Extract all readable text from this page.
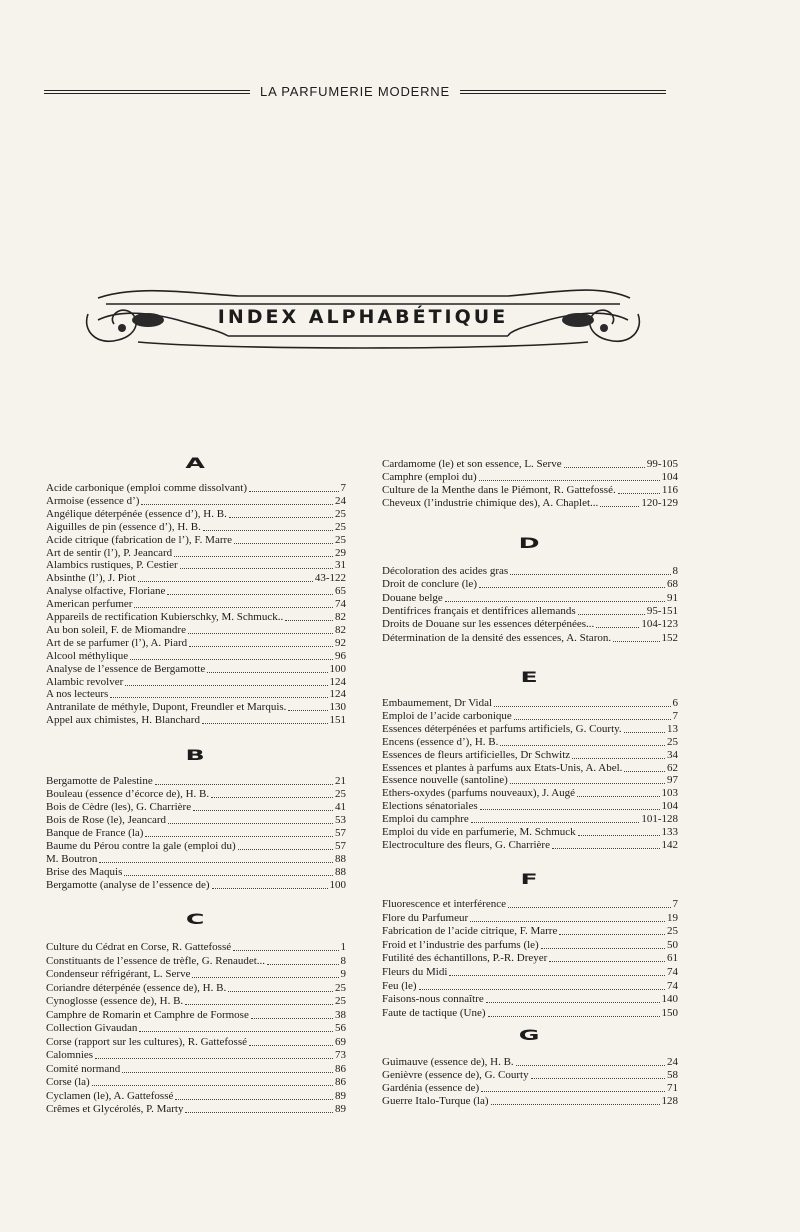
LA PARFUMERIE MODERNE
INDEX ALPHABÉTIQUE
A
Acide carbonique (emploi comme dissolvant)	7
Armoise (essence d’)	24
Angélique déterpénée (essence d’), H. B.	25
Aiguilles de pin (essence d’), H. B.	25
Acide citrique (fabrication de l’), F. Marre	25
Art de sentir (l’), P. Jeancard	29
Alambics rustiques, P. Cestier	31
Absinthe (l’), J. Piot	43-122
Analyse olfactive, Floriane	65
American perfumer	74
Appareils de rectification Kubierschky, M. Schmuck..	82
Au bon soleil, F. de Miomandre	82
Art de se parfumer (l’), A. Piard	92
Alcool méthylique	96
Analyse de l’essence de Bergamotte	100
Alambic revolver	124
A nos lecteurs	124
Antranilate de méthyle, Dupont, Freundler et Marquis.	130
Appel aux chimistes, H. Blanchard	151
B
Bergamotte de Palestine	21
Bouleau (essence d’écorce de), H. B.	25
Bois de Cèdre (les), G. Charrière	41
Bois de Rose (le), Jeancard	53
Banque de France (la)	57
Baume du Pérou contre la gale (emploi du)	57
M. Boutron	88
Brise des Maquis	88
Bergamotte (analyse de l’essence de)	100
C
Culture du Cédrat en Corse, R. Gattefossé	1
Constituants de l’essence de trèfle, G. Renaudet...	8
Condenseur réfrigérant, L. Serve	9
Coriandre déterpénée (essence de), H. B.	25
Cynoglosse (essence de), H. B.	25
Camphre de Romarin et Camphre de Formose	38
Collection Givaudan	56
Corse (rapport sur les cultures), R. Gattefossé	69
Calomnies	73
Comité normand	86
Corse (la)	86
Cyclamen (le), A. Gattefossé	89
Crêmes et Glycérolés, P. Marty	89
Cardamome (le) et son essence, L. Serve	99-105
Camphre (emploi du)	104
Culture de la Menthe dans le Piémont, R. Gattefossé.	116
Cheveux (l’industrie chimique des), A. Chaplet...	120-129
D
Décoloration des acides gras	8
Droit de conclure (le)	68
Douane belge	91
Dentifrices français et dentifrices allemands	95-151
Droits de Douane sur les essences déterpénées...	104-123
Détermination de la densité des essences, A. Staron.	152
E
Embaumement, Dr Vidal	6
Emploi de l’acide carbonique	7
Essences déterpénées et parfums artificiels, G. Courty.	13
Encens (essence d’), H. B.	25
Essences de fleurs artificielles, Dr Schwitz	34
Essences et plantes à parfums aux Etats-Unis, A. Abel.	62
Essence nouvelle (santoline)	97
Ethers-oxydes (parfums nouveaux), J. Augé	103
Elections sénatoriales	104
Emploi du camphre	101-128
Emploi du vide en parfumerie, M. Schmuck	133
Electroculture des fleurs, G. Charrière	142
F
Fluorescence et interférence	7
Flore du Parfumeur	19
Fabrication de l’acide citrique, F. Marre	25
Froid et l’industrie des parfums (le)	50
Futilité des échantillons, P.-R. Dreyer	61
Fleurs du Midi	74
Feu (le)	74
Faisons-nous connaître	140
Faute de tactique (Une)	150
G
Guimauve (essence de), H. B.	24
Genièvre (essence de), G. Courty	58
Gardénia (essence de)	71
Guerre Italo-Turque (la)	128
